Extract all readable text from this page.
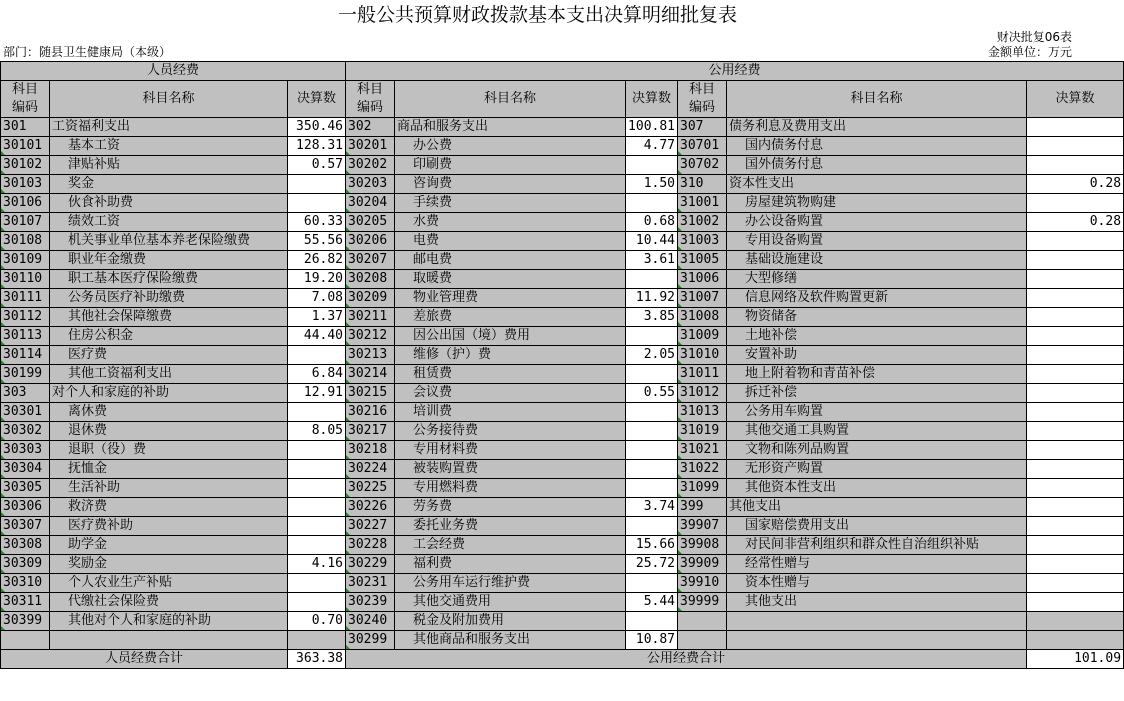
一般公共预算财政拨款基本支出决算明细批复表
财决批复06表
部门：随县卫生健康局（本级）	金额单位：万元
人员经费			公用经费					
科目
编码	科目名称	决算数	科目
编码	科目名称	决算数	科目
编码	科目名称	决算数
301	工资福利支出	350.46	302	商品和服务支出	100.81	307	债务利息及费用支出	
30101	基本工资	128.31	30201	办公费	4.77	30701	国内债务付息	
30102	津贴补贴	0.57	30202	印刷费		30702	国外债务付息	
30103	奖金		30203	咨询费	1.50	310	资本性支出	0.28
30106	伙食补助费		30204	手续费		31001	房屋建筑物购建	
30107	绩效工资	60.33	30205	水费	0.68	31002	办公设备购置	0.28
30108	机关事业单位基本养老保险缴费	55.56	30206	电费	10.44	31003	专用设备购置	
30109	职业年金缴费	26.82	30207	邮电费	3.61	31005	基础设施建设	
30110	职工基本医疗保险缴费	19.20	30208	取暖费		31006	大型修缮	
30111	公务员医疗补助缴费	7.08	30209	物业管理费	11.92	31007	信息网络及软件购置更新	
30112	其他社会保障缴费	1.37	30211	差旅费	3.85	31008	物资储备	
30113	住房公积金	44.40	30212	因公出国（境）费用		31009	土地补偿	
30114	医疗费		30213	维修（护）费	2.05	31010	安置补助	
30199	其他工资福利支出	6.84	30214	租赁费		31011	地上附着物和青苗补偿	
303	对个人和家庭的补助	12.91	30215	会议费	0.55	31012	拆迁补偿	
30301	离休费		30216	培训费		31013	公务用车购置	
30302	退休费	8.05	30217	公务接待费		31019	其他交通工具购置	
30303	退职（役）费		30218	专用材料费		31021	文物和陈列品购置	
30304	抚恤金		30224	被装购置费		31022	无形资产购置	
30305	生活补助		30225	专用燃料费		31099	其他资本性支出	
30306	救济费		30226	劳务费	3.74	399	其他支出	
30307	医疗费补助		30227	委托业务费		39907	国家赔偿费用支出	
30308	助学金		30228	工会经费	15.66	39908	对民间非营利组织和群众性自治组织补贴	
30309	奖励金	4.16	30229	福利费	25.72	39909	经常性赠与	
30310	个人农业生产补贴		30231	公务用车运行维护费		39910	资本性赠与	
30311	代缴社会保险费		30239	其他交通费用	5.44	39999	其他支出	
30399	其他对个人和家庭的补助	0.70	30240	税金及附加费用				
			30299	其他商品和服务支出	10.87			
人员经费合计		363.38	公用经费合计					101.09
